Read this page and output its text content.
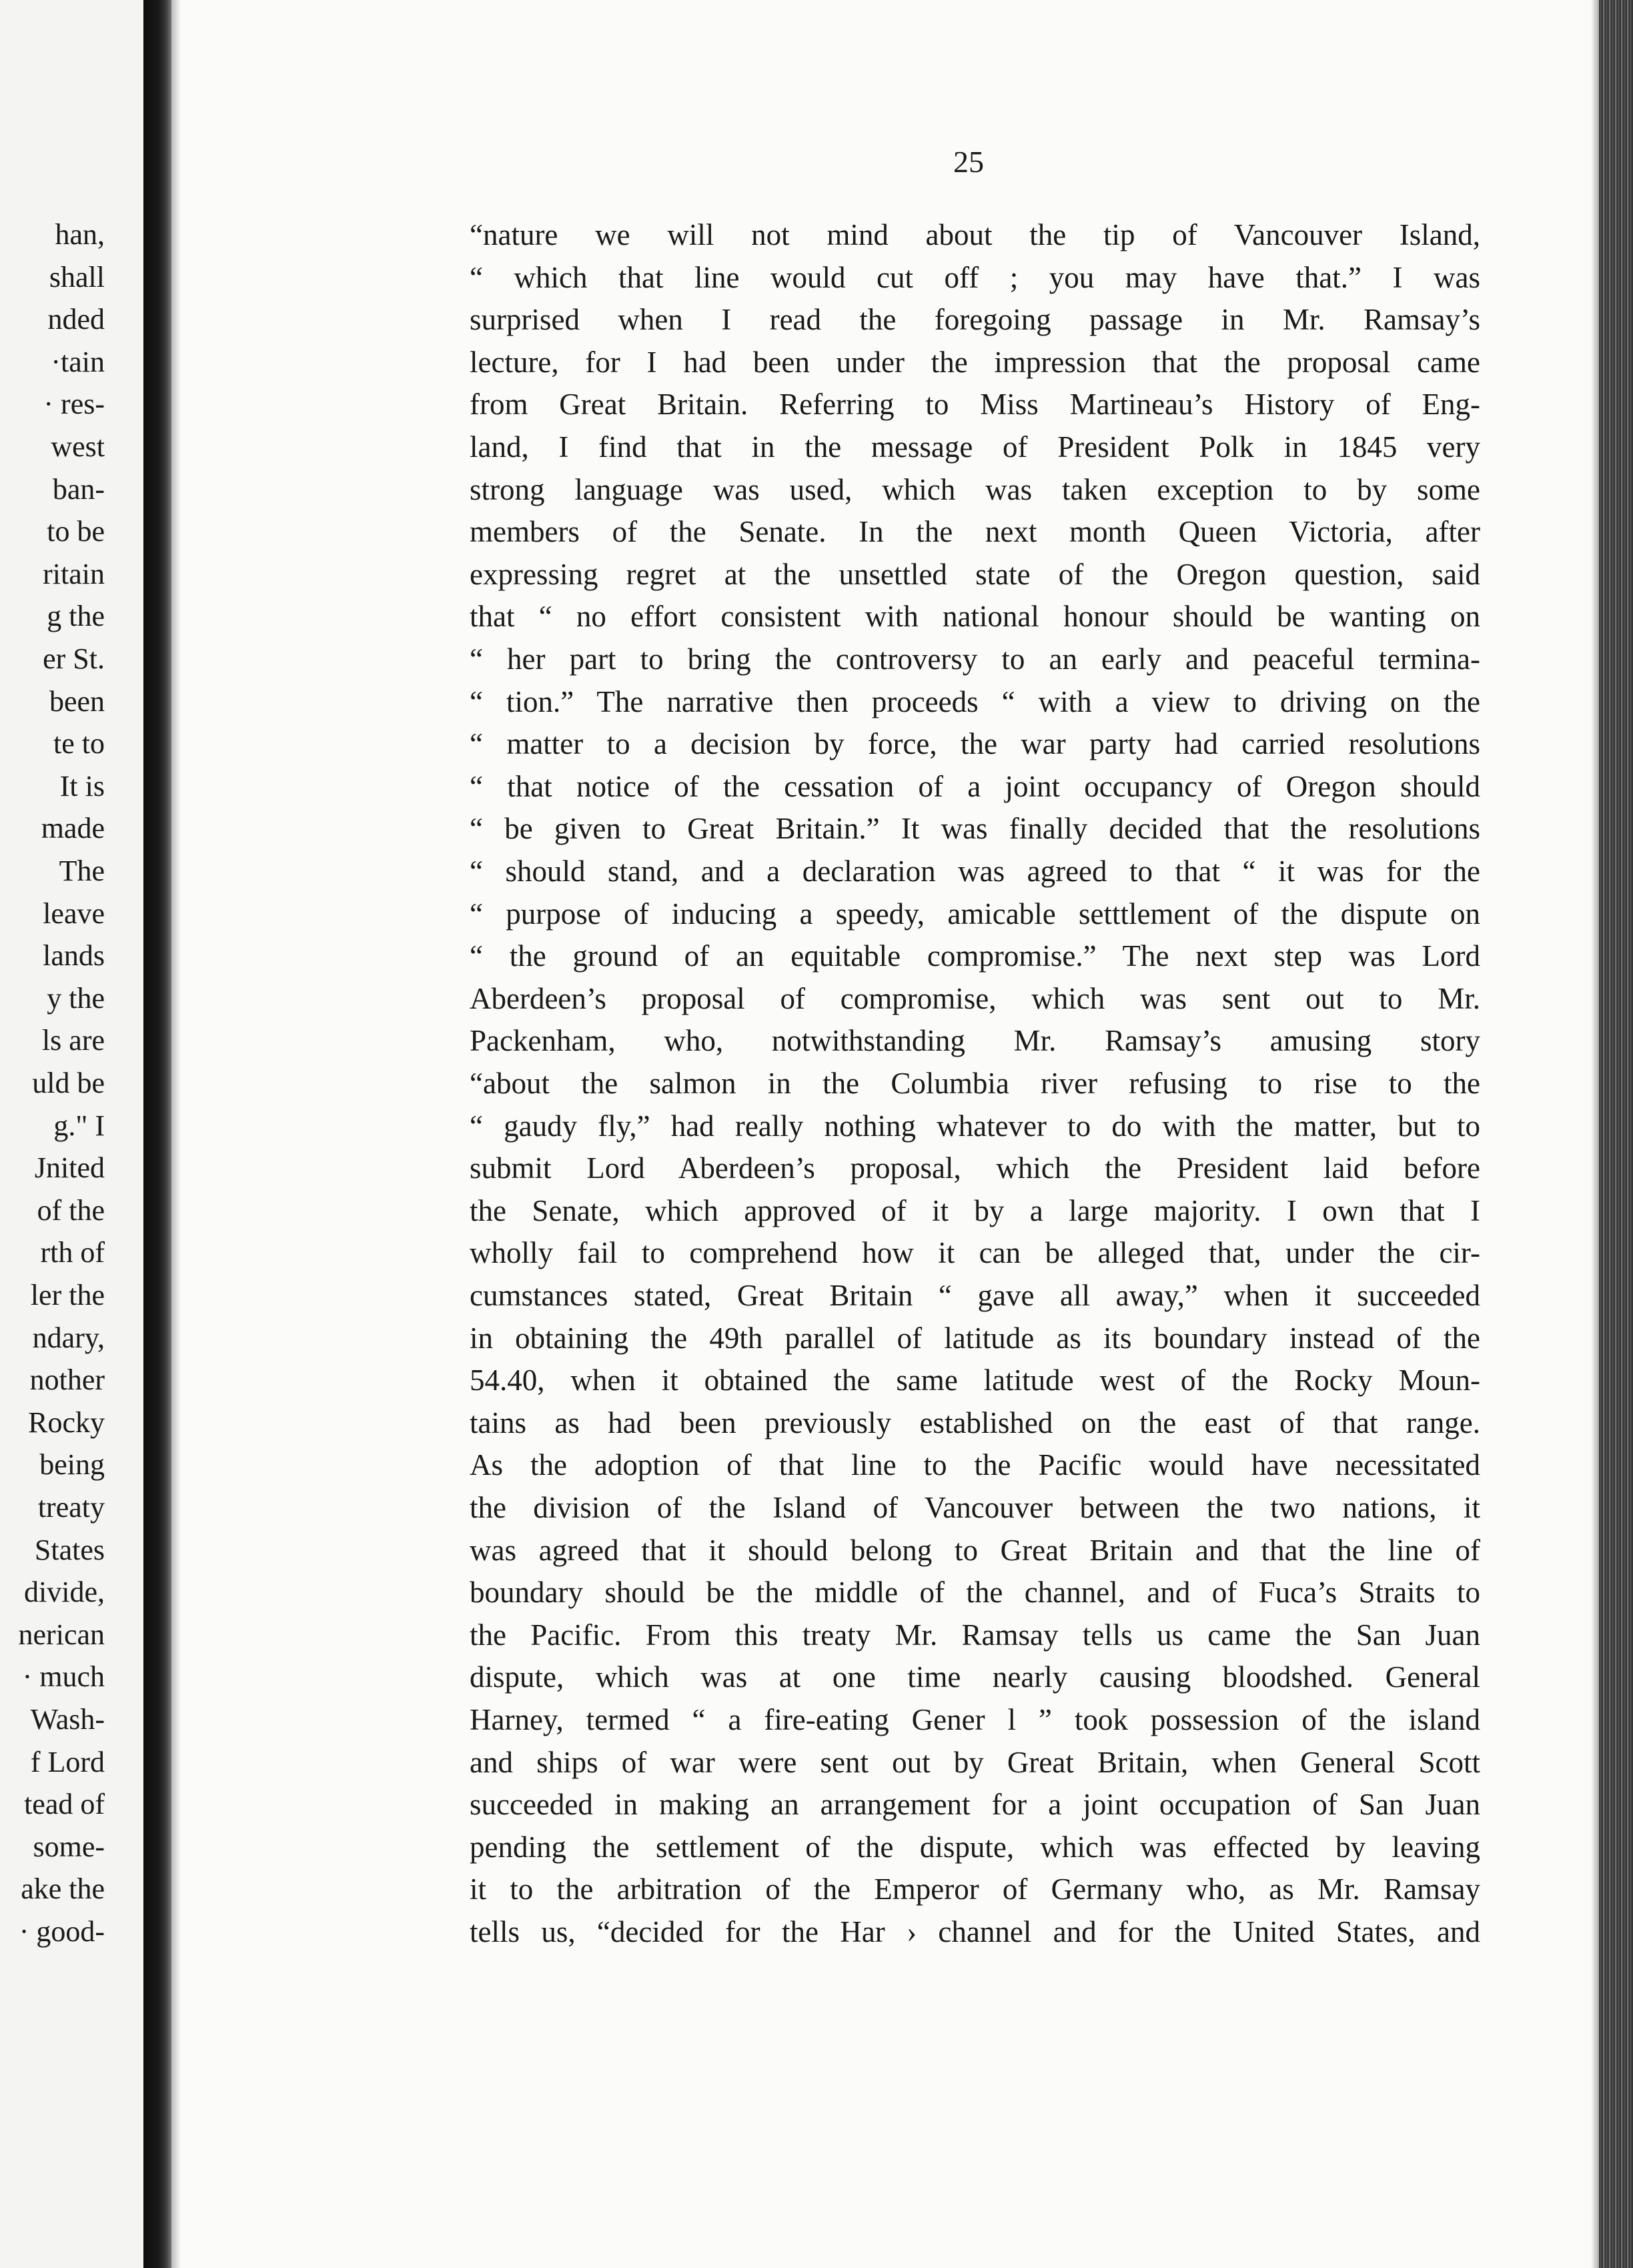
han,
shall
nded
·tain
· res-
west
ban-
to be
ritain
g the
er St.
been
te to
It is
made
The
leave
lands
y the
ls are
uld be
g." I
Jnited
of the
rth of
ler the
ndary,
nother
Rocky
being
treaty
States
divide,
nerican
· much
Wash-
f Lord
tead of
some-
ake the
· good-
25
“nature we will not mind about the tip of Vancouver Island,
“ which that line would cut off ; you may have that.” I was
surprised when I read the foregoing passage in Mr. Ramsay’s
lecture, for I had been under the impression that the proposal came
from Great Britain. Referring to Miss Martineau’s History of Eng-
land, I find that in the message of President Polk in 1845 very
strong language was used, which was taken exception to by some
members of the Senate. In the next month Queen Victoria, after
expressing regret at the unsettled state of the Oregon question, said
that “ no effort consistent with national honour should be wanting on
“ her part to bring the controversy to an early and peaceful termina-
“ tion.” The narrative then proceeds “ with a view to driving on the
“ matter to a decision by force, the war party had carried resolutions
“ that notice of the cessation of a joint occupancy of Oregon should
“ be given to Great Britain.” It was finally decided that the resolutions
“ should stand, and a declaration was agreed to that “ it was for the
“ purpose of inducing a speedy, amicable setttlement of the dispute on
“ the ground of an equitable compromise.” The next step was Lord
Aberdeen’s proposal of compromise, which was sent out to Mr.
Packenham, who, notwithstanding Mr. Ramsay’s amusing story
“about the salmon in the Columbia river refusing to rise to the
“ gaudy fly,” had really nothing whatever to do with the matter, but to
submit Lord Aberdeen’s proposal, which the President laid before
the Senate, which approved of it by a large majority. I own that I
wholly fail to comprehend how it can be alleged that, under the cir-
cumstances stated, Great Britain “ gave all away,” when it succeeded
in obtaining the 49th parallel of latitude as its boundary instead of the
54.40, when it obtained the same latitude west of the Rocky Moun-
tains as had been previously established on the east of that range.
As the adoption of that line to the Pacific would have necessitated
the division of the Island of Vancouver between the two nations, it
was agreed that it should belong to Great Britain and that the line of
boundary should be the middle of the channel, and of Fuca’s Straits to
the Pacific. From this treaty Mr. Ramsay tells us came the San Juan
dispute, which was at one time nearly causing bloodshed. General
Harney, termed “ a fire-eating Gener l ” took possession of the island
and ships of war were sent out by Great Britain, when General Scott
succeeded in making an arrangement for a joint occupation of San Juan
pending the settlement of the dispute, which was effected by leaving
it to the arbitration of the Emperor of Germany who, as Mr. Ramsay
tells us, “decided for the Har › channel and for the United States, and
